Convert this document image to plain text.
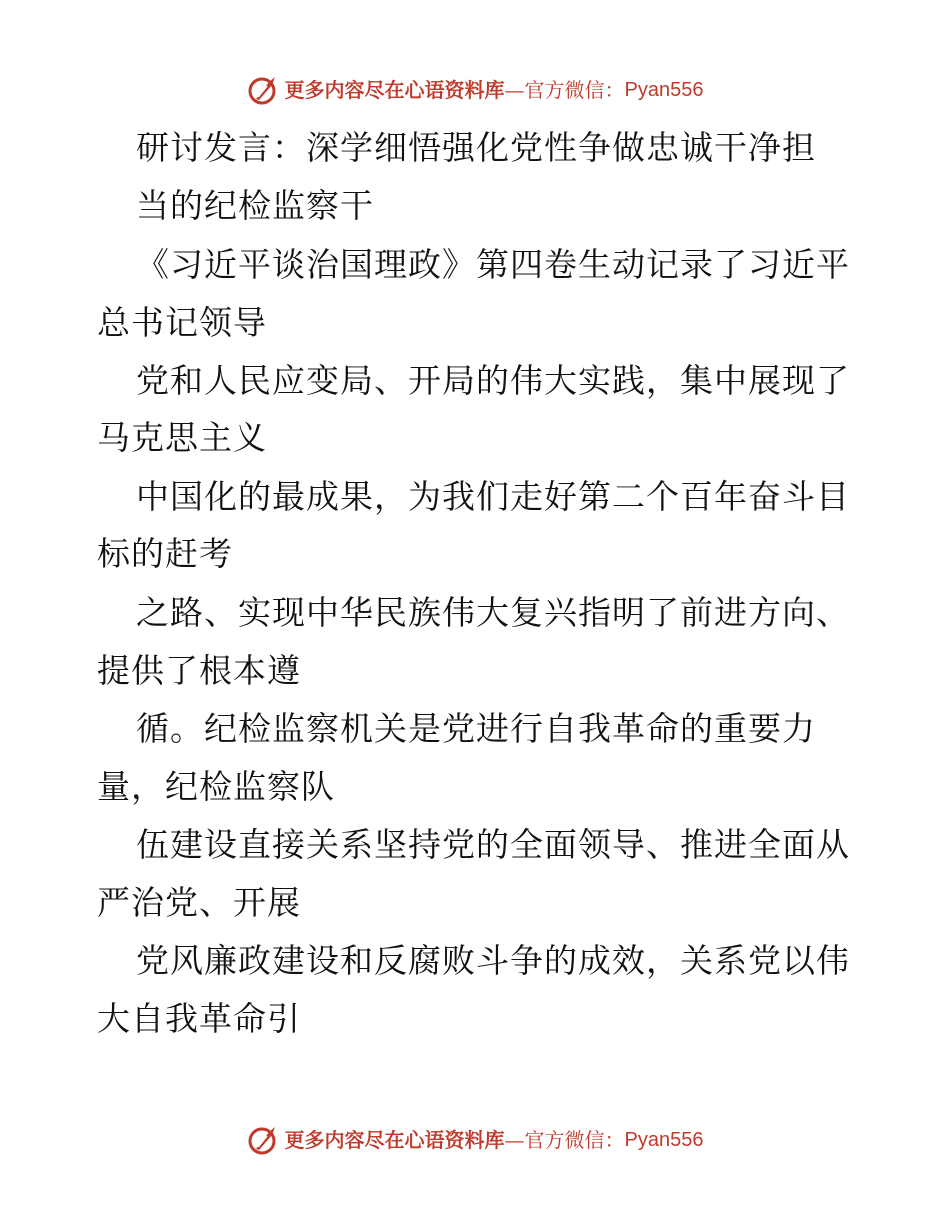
更多内容尽在心语资料库 — 官方微信： Pyan556
研讨发言：深学细悟强化党性争做忠诚干净担
当的纪检监察干
《习近平谈治国理政》第四卷生动记录了习近平
总书记领导
党和人民应变局、开局的伟大实践，集中展现了
马克思主义
中国化的最成果，为我们走好第二个百年奋斗目
标的赶考
之路、实现中华民族伟大复兴指明了前进方向、
提供了根本遵
循。纪检监察机关是党进行自我革命的重要力
量，纪检监察队
伍建设直接关系坚持党的全面领导、推进全面从
严治党、开展
党风廉政建设和反腐败斗争的成效，关系党以伟
大自我革命引
更多内容尽在心语资料库 — 官方微信： Pyan556
